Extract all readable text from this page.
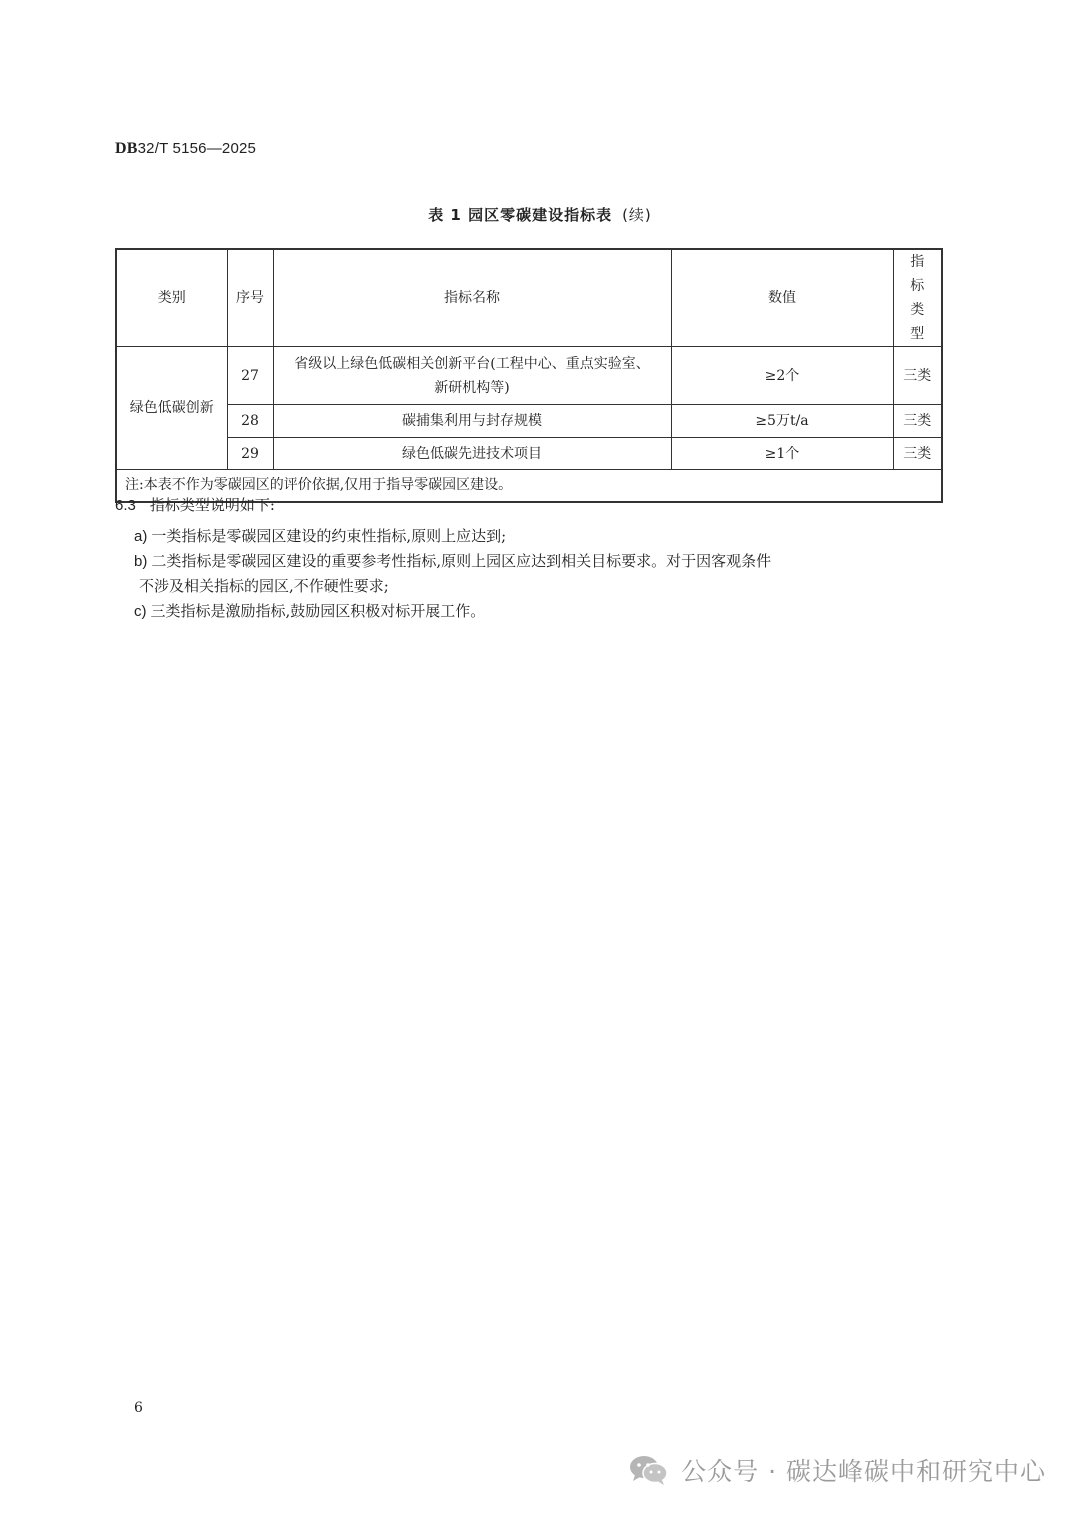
DB32/T 5156—2025
表 1 园区零碳建设指标表 (续)
类别	序号	指标名称	数值	指标类型
绿色低碳创新	27	省级以上绿色低碳相关创新平台(工程中心、重点实验室、新研机构等)	≥2个	三类
	28	碳捕集利用与封存规模	≥5万t/a	三类
	29	绿色低碳先进技术项目	≥1个	三类
注:本表不作为零碳园区的评价依据,仅用于指导零碳园区建设。				
6.3 指标类型说明如下:

a) 一类指标是零碳园区建设的约束性指标,原则上应达到;

b) 二类指标是零碳园区建设的重要参考性指标,原则上园区应达到相关目标要求。对于因客观条件

不涉及相关指标的园区,不作硬性要求;

c) 三类指标是激励指标,鼓励园区积极对标开展工作。

6
公众号 · 碳达峰碳中和研究中心
